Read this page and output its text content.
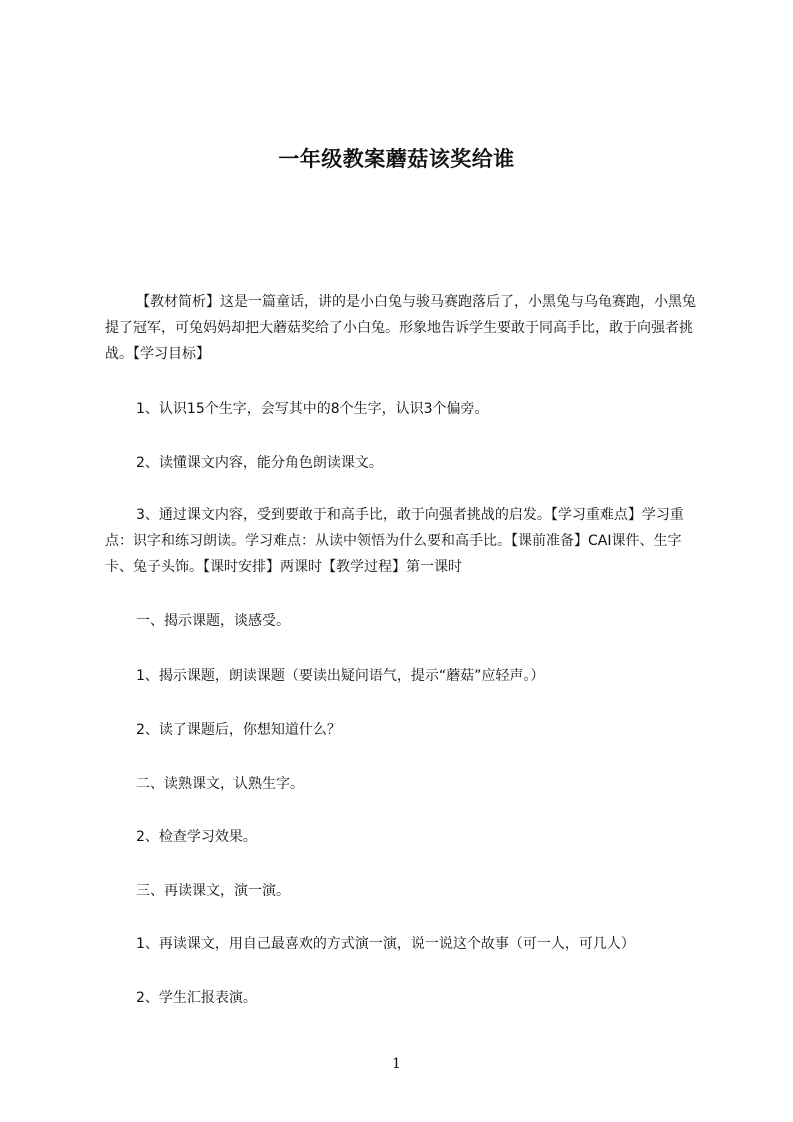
一年级教案蘑菇该奖给谁

【教材简析】这是一篇童话，讲的是小白兔与骏马赛跑落后了，小黑兔与乌龟赛跑，小黑兔提了冠军，可兔妈妈却把大蘑菇奖给了小白兔。形象地告诉学生要敢于同高手比，敢于向强者挑战。【学习目标】

1、认识15个生字，会写其中的8个生字，认识3个偏旁。

2、读懂课文内容，能分角色朗读课文。

3、通过课文内容，受到要敢于和高手比，敢于向强者挑战的启发。【学习重难点】学习重点：识字和练习朗读。学习难点：从读中领悟为什么要和高手比。【课前准备】CAI课件、生字卡、兔子头饰。【课时安排】两课时【教学过程】第一课时

一、揭示课题，谈感受。

1、揭示课题，朗读课题（要读出疑问语气，提示“蘑菇”应轻声。）

2、读了课题后，你想知道什么？

二、读熟课文，认熟生字。

2、检查学习效果。

三、再读课文，演一演。

1、再读课文，用自己最喜欢的方式演一演，说一说这个故事（可一人，可几人）

2、学生汇报表演。

1
